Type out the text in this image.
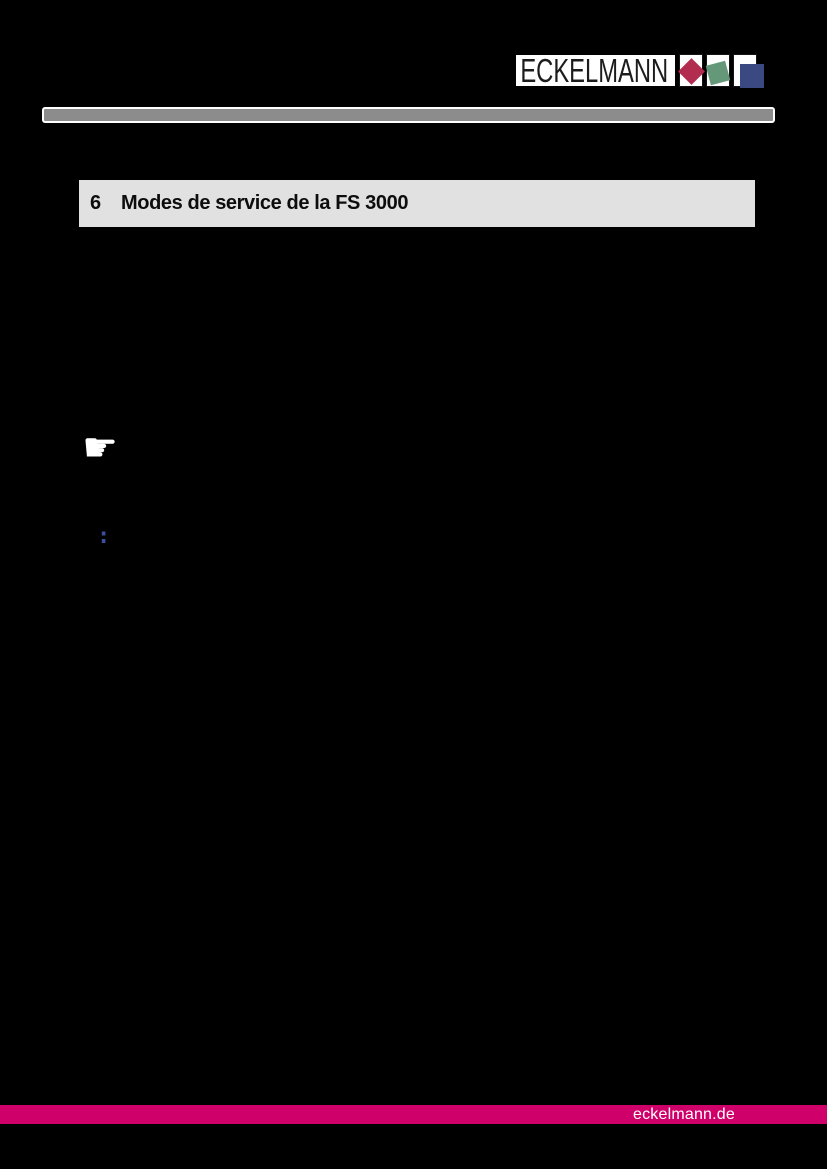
ECKELMANN
6	Modes de service de la FS 3000
☛
:
eckelmann.de
